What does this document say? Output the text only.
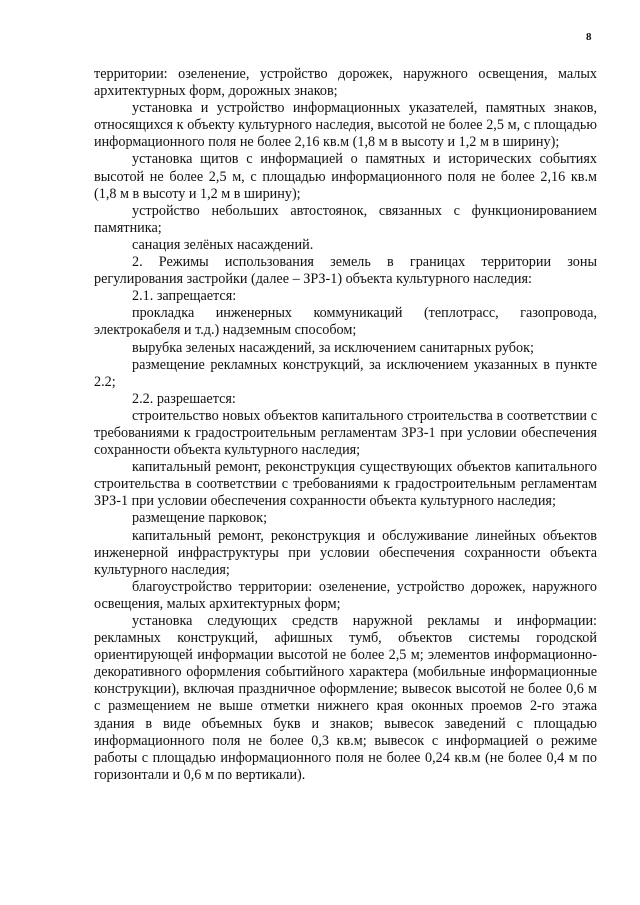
8

территории: озеленение, устройство дорожек, наружного освещения, малых архитектурных форм, дорожных знаков;

установка и устройство информационных указателей, памятных знаков, относящихся к объекту культурного наследия, высотой не более 2,5 м, с площадью информационного поля не более 2,16 кв.м (1,8 м в высоту и 1,2 м в ширину);

установка щитов с информацией о памятных и исторических событиях высотой не более 2,5 м, с площадью информационного поля не более 2,16 кв.м (1,8 м в высоту и 1,2 м в ширину);

устройство небольших автостоянок, связанных с функционированием памятника;

санация зелёных насаждений.

2. Режимы использования земель в границах территории зоны регулирования застройки (далее – ЗРЗ-1) объекта культурного наследия:

2.1. запрещается:

прокладка инженерных коммуникаций (теплотрасс, газопровода, электрокабеля и т.д.) надземным способом;

вырубка зеленых насаждений, за исключением санитарных рубок;

размещение рекламных конструкций, за исключением указанных в пункте 2.2;

2.2. разрешается:

строительство новых объектов капитального строительства в соответствии с требованиями к градостроительным регламентам ЗРЗ-1 при условии обеспечения сохранности объекта культурного наследия;

капитальный ремонт, реконструкция существующих объектов капитального строительства в соответствии с требованиями к градостроительным регламентам ЗРЗ-1 при условии обеспечения сохранности объекта культурного наследия;

размещение парковок;

капитальный ремонт, реконструкция и обслуживание линейных объектов инженерной инфраструктуры при условии обеспечения сохранности объекта культурного наследия;

благоустройство территории: озеленение, устройство дорожек, наружного освещения, малых архитектурных форм;

установка следующих средств наружной рекламы и информации: рекламных конструкций, афишных тумб, объектов системы городской ориентирующей информации высотой не более 2,5 м; элементов информационно-декоративного оформления событийного характера (мобильные информационные конструкции), включая праздничное оформление; вывесок высотой не более 0,6 м с размещением не выше отметки нижнего края оконных проемов 2-го этажа здания в виде объемных букв и знаков; вывесок заведений с площадью информационного поля не более 0,3 кв.м; вывесок с информацией о режиме работы с площадью информационного поля не более 0,24 кв.м (не более 0,4 м по горизонтали и 0,6 м по вертикали).
